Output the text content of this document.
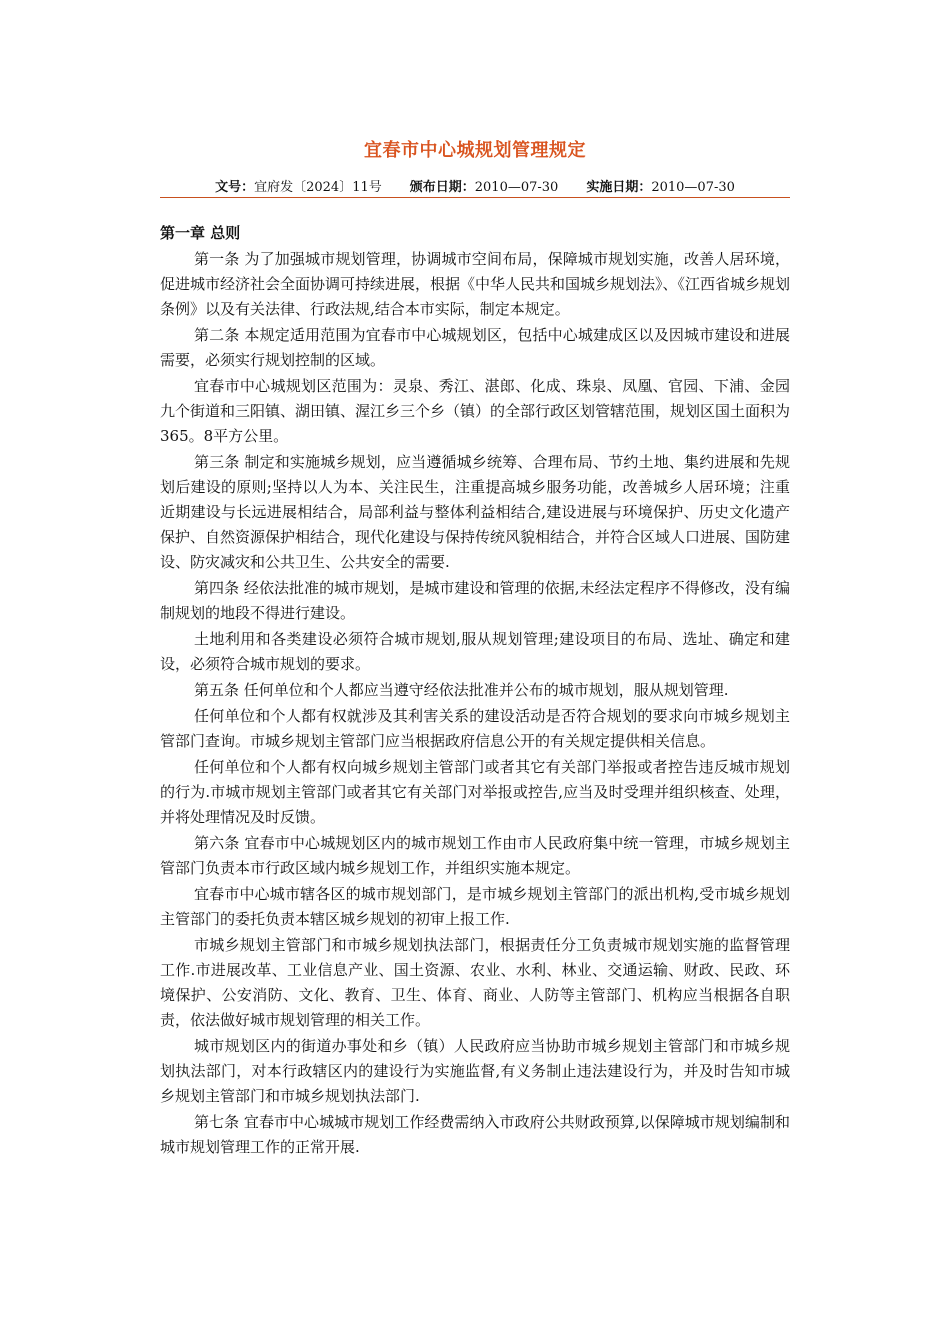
宜春市中心城规划管理规定
文号：宜府发〔2024〕11号 颁布日期：2010—07-30 实施日期：2010—07-30
第一章 总则

第一条 为了加强城市规划管理，协调城市空间布局，保障城市规划实施，改善人居环境，促进城市经济社会全面协调可持续进展，根据《中华人民共和国城乡规划法》、《江西省城乡规划条例》以及有关法律、行政法规,结合本市实际，制定本规定。

第二条 本规定适用范围为宜春市中心城规划区，包括中心城建成区以及因城市建设和进展需要，必须实行规划控制的区域。

宜春市中心城规划区范围为：灵泉、秀江、湛郎、化成、珠泉、凤凰、官园、下浦、金园九个街道和三阳镇、湖田镇、渥江乡三个乡（镇）的全部行政区划管辖范围，规划区国土面积为365。8平方公里。

第三条 制定和实施城乡规划，应当遵循城乡统筹、合理布局、节约土地、集约进展和先规划后建设的原则;坚持以人为本、关注民生，注重提高城乡服务功能，改善城乡人居环境；注重近期建设与长远进展相结合，局部利益与整体利益相结合,建设进展与环境保护、历史文化遗产保护、自然资源保护相结合，现代化建设与保持传统风貌相结合，并符合区域人口进展、国防建设、防灾减灾和公共卫生、公共安全的需要.

第四条 经依法批准的城市规划，是城市建设和管理的依据,未经法定程序不得修改，没有编制规划的地段不得进行建设。

土地利用和各类建设必须符合城市规划,服从规划管理;建设项目的布局、选址、确定和建设，必须符合城市规划的要求。

第五条 任何单位和个人都应当遵守经依法批准并公布的城市规划，服从规划管理.

任何单位和个人都有权就涉及其利害关系的建设活动是否符合规划的要求向市城乡规划主管部门查询。市城乡规划主管部门应当根据政府信息公开的有关规定提供相关信息。

任何单位和个人都有权向城乡规划主管部门或者其它有关部门举报或者控告违反城市规划的行为.市城市规划主管部门或者其它有关部门对举报或控告,应当及时受理并组织核查、处理，并将处理情况及时反馈。

第六条 宜春市中心城规划区内的城市规划工作由市人民政府集中统一管理，市城乡规划主管部门负责本市行政区域内城乡规划工作，并组织实施本规定。

宜春市中心城市辖各区的城市规划部门，是市城乡规划主管部门的派出机构,受市城乡规划主管部门的委托负责本辖区城乡规划的初审上报工作.

市城乡规划主管部门和市城乡规划执法部门，根据责任分工负责城市规划实施的监督管理工作.市进展改革、工业信息产业、国土资源、农业、水利、林业、交通运输、财政、民政、环境保护、公安消防、文化、教育、卫生、体育、商业、人防等主管部门、机构应当根据各自职责，依法做好城市规划管理的相关工作。

城市规划区内的街道办事处和乡（镇）人民政府应当协助市城乡规划主管部门和市城乡规划执法部门，对本行政辖区内的建设行为实施监督,有义务制止违法建设行为，并及时告知市城乡规划主管部门和市城乡规划执法部门.

第七条 宜春市中心城城市规划工作经费需纳入市政府公共财政预算,以保障城市规划编制和城市规划管理工作的正常开展.
